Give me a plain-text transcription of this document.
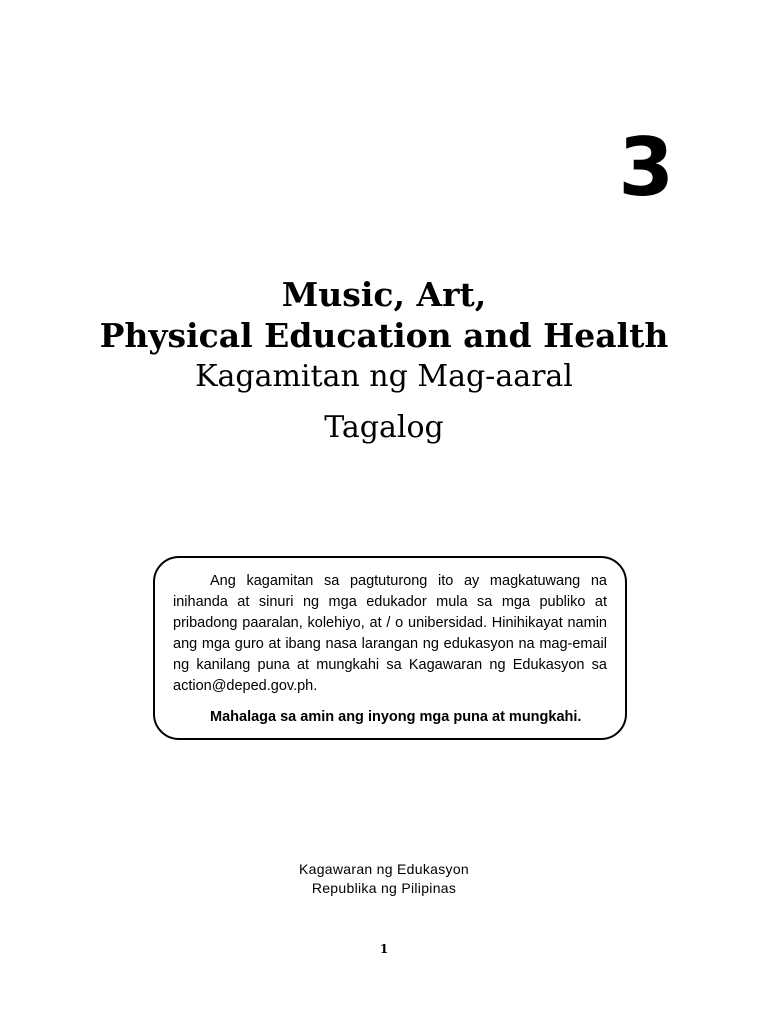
3
Music, Art,
Physical Education and Health
Kagamitan ng Mag-aaral
Tagalog

Ang kagamitan sa pagtuturong ito ay magkatuwang na inihanda at sinuri ng mga edukador mula sa mga publiko at pribadong paaralan, kolehiyo, at / o unibersidad. Hinihikayat namin ang mga guro at ibang nasa larangan ng edukasyon na mag-email ng kanilang puna at mungkahi sa Kagawaran ng Edukasyon sa action@deped.gov.ph.

Mahalaga sa amin ang inyong mga puna at mungkahi.

Kagawaran ng Edukasyon
Republika ng Pilipinas
1
